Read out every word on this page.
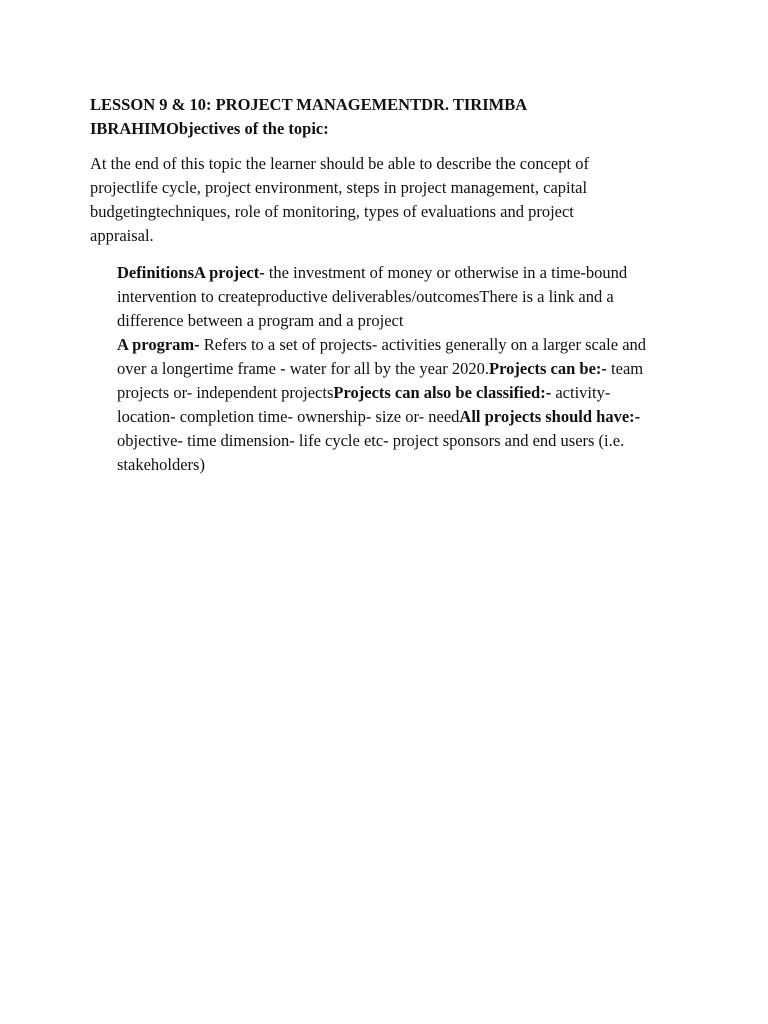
LESSON 9 & 10: PROJECT MANAGEMENTDR. TIRIMBA
IBRAHIMObjectives of the topic:

At the end of this topic the learner should be able to describe the concept of projectlife cycle, project environment, steps in project management, capital budgetingtechniques, role of monitoring, types of evaluations and project appraisal.

DefinitionsA project- the investment of money or otherwise in a time-bound intervention to createproductive deliverables/outcomesThere is a link and a difference between a program and a project

A program- Refers to a set of projects- activities generally on a larger scale and over a longertime frame - water for all by the year 2020.Projects can be:- team projects or- independent projectsProjects can also be classified:- activity- location- completion time- ownership- size or- needAll projects should have:- objective- time dimension- life cycle etc- project sponsors and end users (i.e. stakeholders)
